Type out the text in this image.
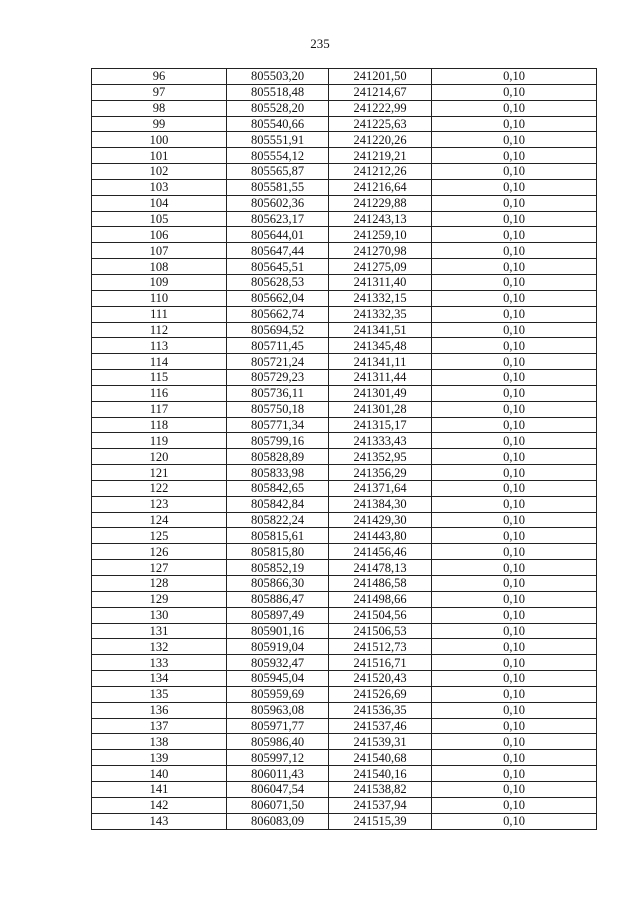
235
96	805503,20	241201,50	0,10
97	805518,48	241214,67	0,10
98	805528,20	241222,99	0,10
99	805540,66	241225,63	0,10
100	805551,91	241220,26	0,10
101	805554,12	241219,21	0,10
102	805565,87	241212,26	0,10
103	805581,55	241216,64	0,10
104	805602,36	241229,88	0,10
105	805623,17	241243,13	0,10
106	805644,01	241259,10	0,10
107	805647,44	241270,98	0,10
108	805645,51	241275,09	0,10
109	805628,53	241311,40	0,10
110	805662,04	241332,15	0,10
111	805662,74	241332,35	0,10
112	805694,52	241341,51	0,10
113	805711,45	241345,48	0,10
114	805721,24	241341,11	0,10
115	805729,23	241311,44	0,10
116	805736,11	241301,49	0,10
117	805750,18	241301,28	0,10
118	805771,34	241315,17	0,10
119	805799,16	241333,43	0,10
120	805828,89	241352,95	0,10
121	805833,98	241356,29	0,10
122	805842,65	241371,64	0,10
123	805842,84	241384,30	0,10
124	805822,24	241429,30	0,10
125	805815,61	241443,80	0,10
126	805815,80	241456,46	0,10
127	805852,19	241478,13	0,10
128	805866,30	241486,58	0,10
129	805886,47	241498,66	0,10
130	805897,49	241504,56	0,10
131	805901,16	241506,53	0,10
132	805919,04	241512,73	0,10
133	805932,47	241516,71	0,10
134	805945,04	241520,43	0,10
135	805959,69	241526,69	0,10
136	805963,08	241536,35	0,10
137	805971,77	241537,46	0,10
138	805986,40	241539,31	0,10
139	805997,12	241540,68	0,10
140	806011,43	241540,16	0,10
141	806047,54	241538,82	0,10
142	806071,50	241537,94	0,10
143	806083,09	241515,39	0,10
